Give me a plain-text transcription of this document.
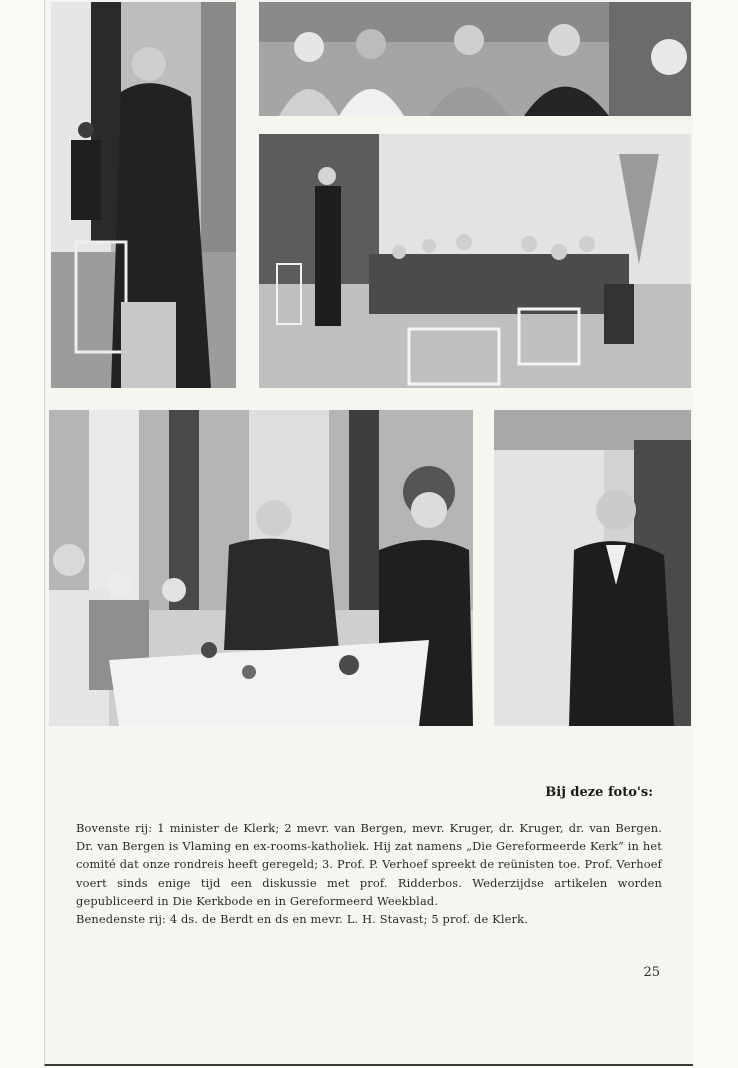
Bij deze foto's:

Bovenste rij: 1 minister de Klerk; 2 mevr. van Bergen, mevr. Kruger, dr. Kruger, dr. van Bergen. Dr. van Bergen is Vlaming en ex-rooms-katholiek. Hij zat namens „Die Gereformeerde Kerk” in het comité dat onze rondreis heeft geregeld; 3. Prof. P. Verhoef spreekt de reünisten toe. Prof. Verhoef voert sinds enige tijd een diskussie met prof. Ridderbos. Wederzijdse artikelen worden gepubliceerd in Die Kerkbode en in Gereformeerd Weekblad.

Benedenste rij: 4 ds. de Berdt en ds en mevr. L. H. Stavast; 5 prof. de Klerk.

25
